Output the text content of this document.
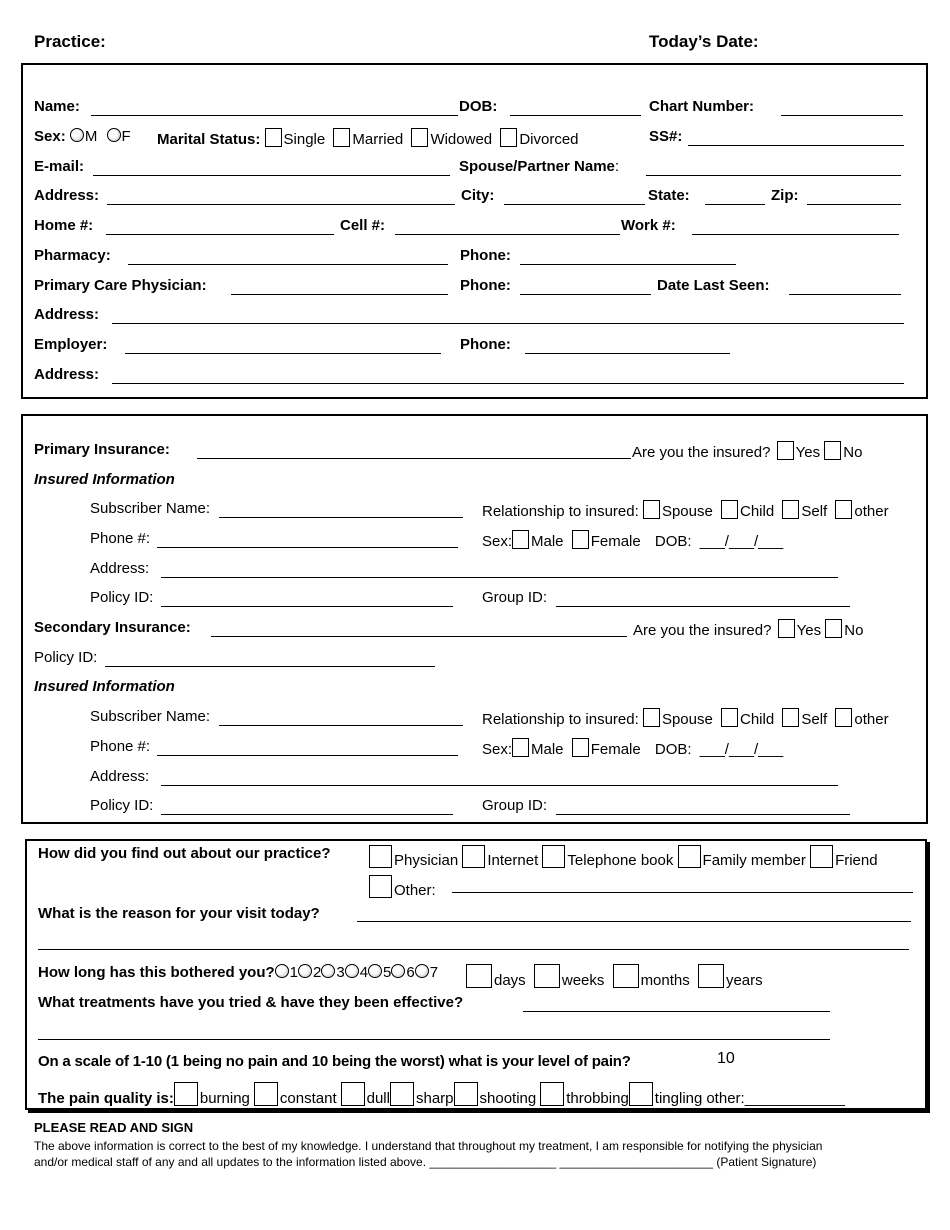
Practice:	Today’s Date:
Name:	DOB:	Chart Number:
Sex: M F Marital Status: Single Married Widowed Divorced	SS#:
E-mail:	Spouse/Partner Name:
Address:	City:	State:	Zip:
Home #:	Cell #:	Work #:
Pharmacy:	Phone:
Primary Care Physician:	Phone:	Date Last Seen:
Address:
Employer:	Phone:
Address:
Primary Insurance:	Are you the insured? Yes No
Insured Information
Subscriber Name:	Relationship to insured: Spouse Child Self other
Phone #:	Sex: Male Female DOB: ___/___/___
Address:
Policy ID:	Group ID:
Secondary Insurance:	Are you the insured? Yes No
Policy ID:
Insured Information
Subscriber Name:	Relationship to insured: Spouse Child Self other
Phone #:	Sex: Male Female DOB: ___/___/___
Address:
Policy ID:	Group ID:
How did you find out about our practice?	Physician Internet Telephone book Family member Friend
Other:
What is the reason for your visit today?
How long has this bothered you? 1 2 3 4 5 6 7	days weeks months years
What treatments have you tried & have they been effective?
On a scale of 1-10 (1 being no pain and 10 being the worst) what is your level of pain?	10
The pain quality is: burning constant dull sharp shooting throbbing tingling other:____________
PLEASE READ AND SIGN
The above information is correct to the best of my knowledge. I understand that throughout my treatment, I am responsible for notifying the physician
and/or medical staff of any and all updates to the information listed above. ___________________ _______________________ (Patient Signature)
